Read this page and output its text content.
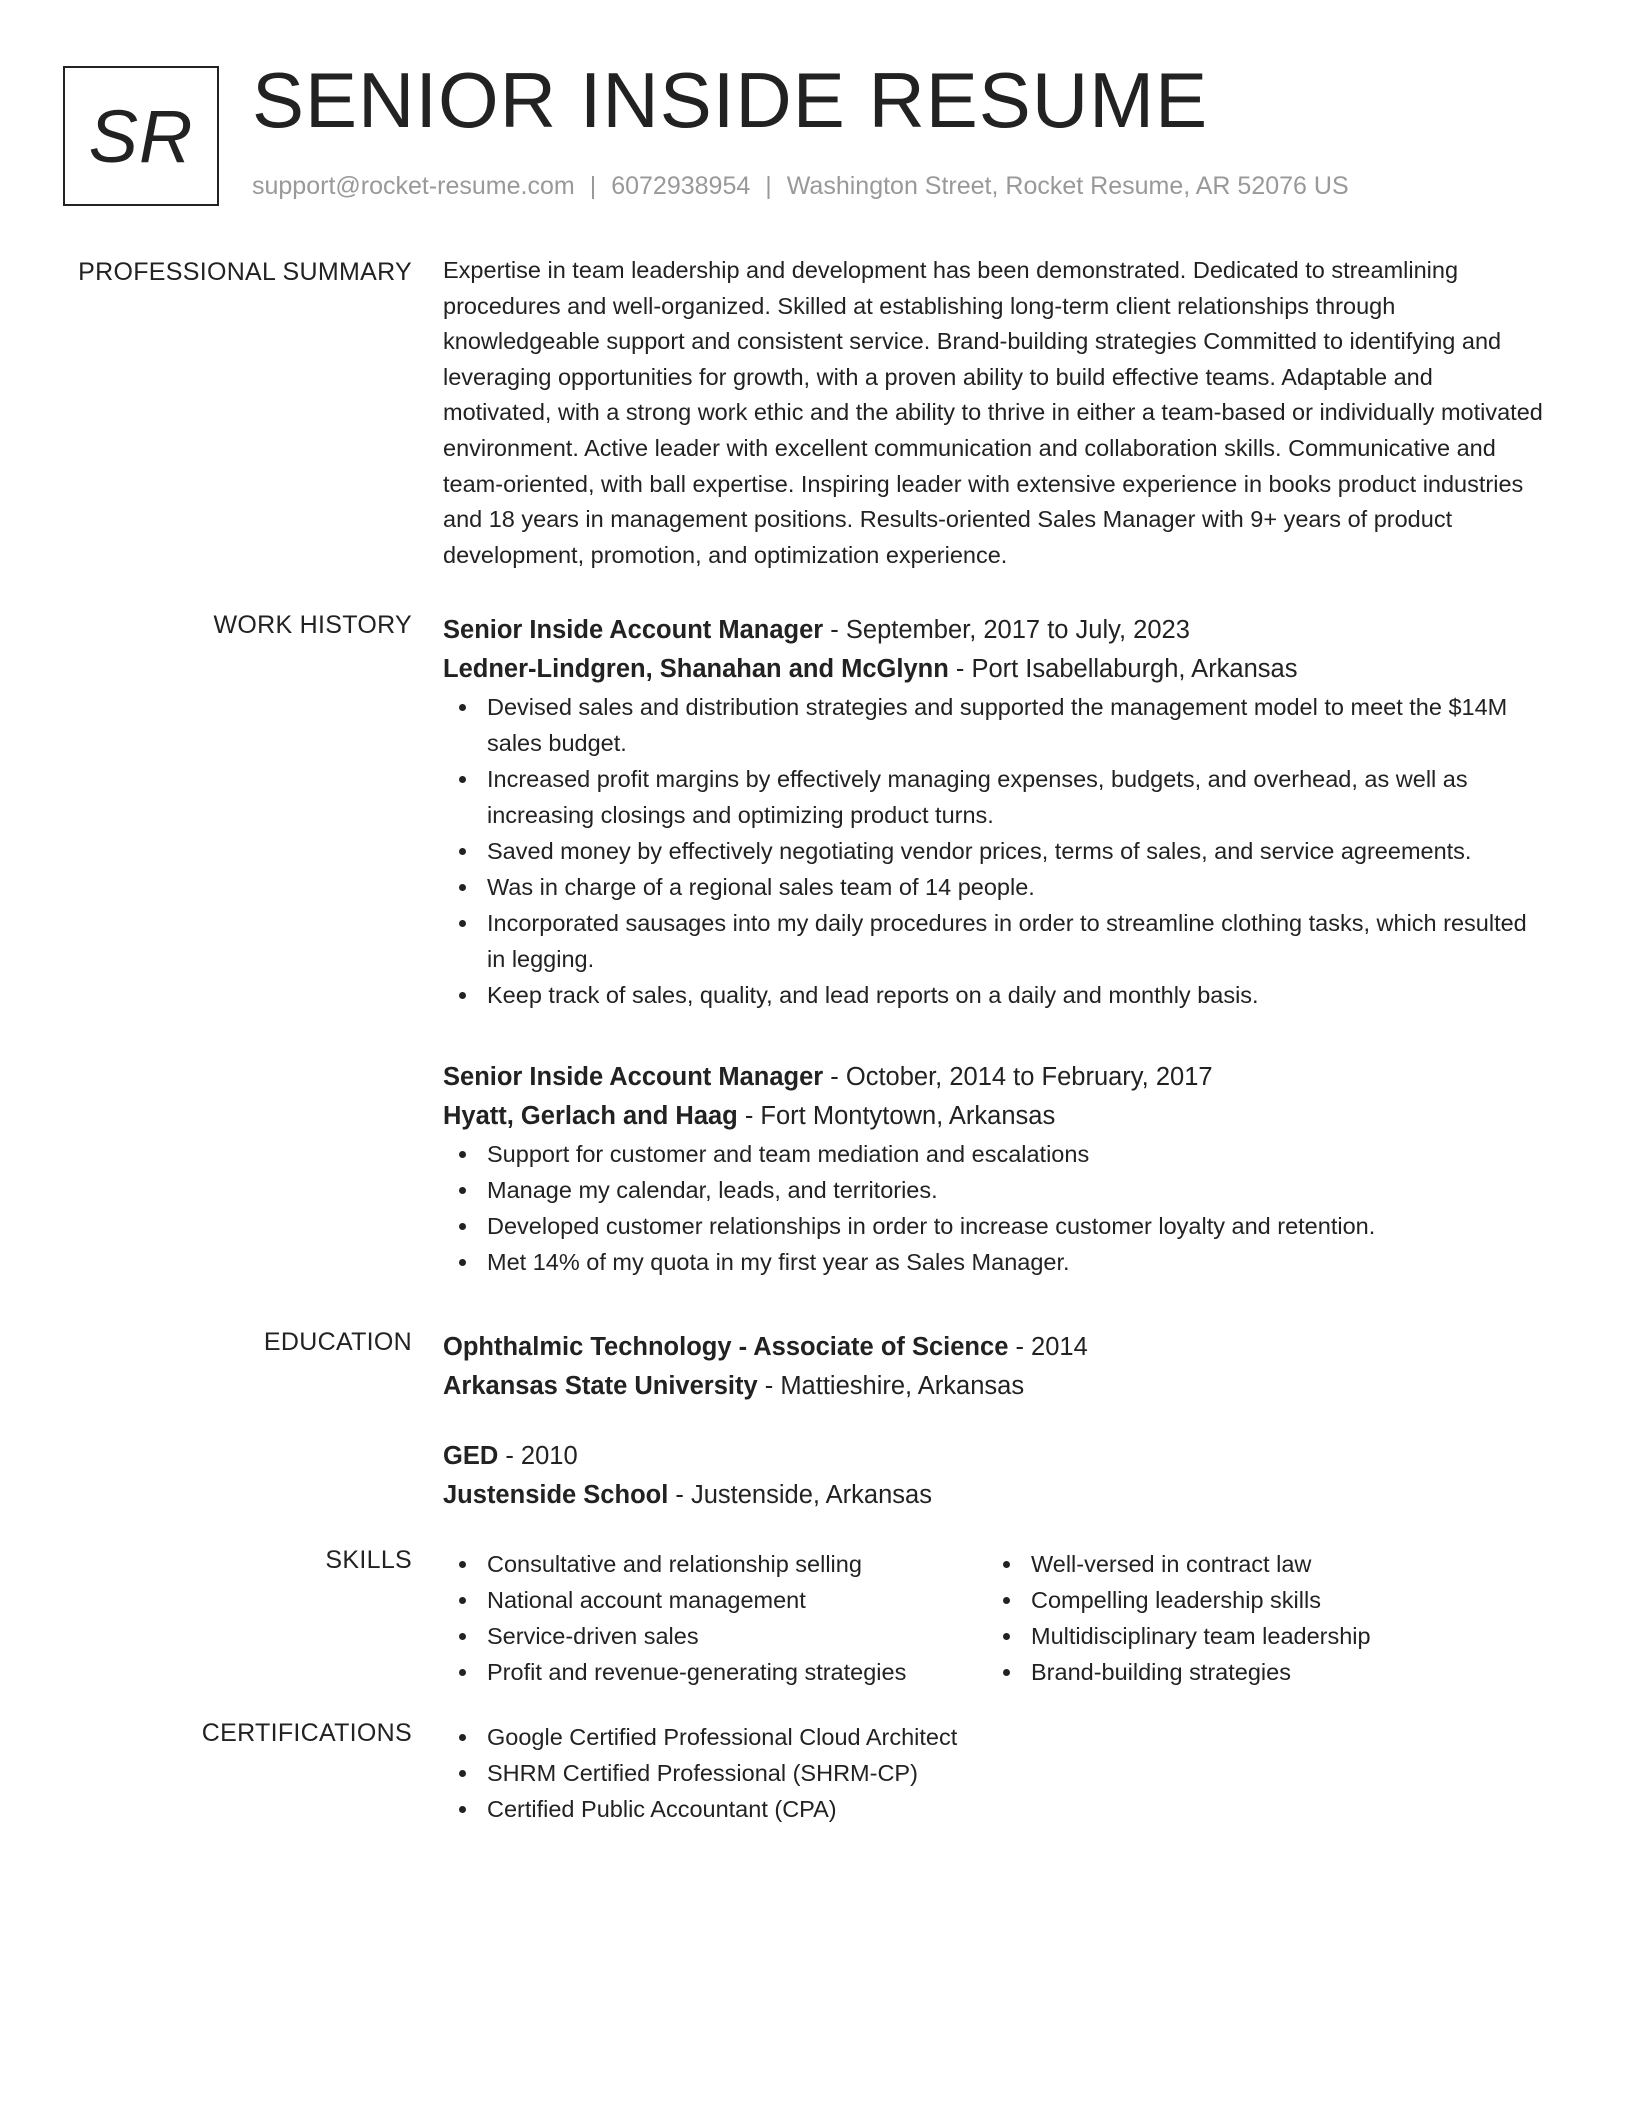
SR SENIOR INSIDE RESUME
support@rocket-resume.com | 6072938954 | Washington Street, Rocket Resume, AR 52076 US
PROFESSIONAL SUMMARY Expertise in team leadership and development has been demonstrated. Dedicated to streamlining procedures and well-organized. Skilled at establishing long-term client relationships through knowledgeable support and consistent service. Brand-building strategies Committed to identifying and leveraging opportunities for growth, with a proven ability to build effective teams. Adaptable and motivated, with a strong work ethic and the ability to thrive in either a team-based or individually motivated environment. Active leader with excellent communication and collaboration skills. Communicative and team-oriented, with ball expertise. Inspiring leader with extensive experience in books product industries and 18 years in management positions. Results-oriented Sales Manager with 9+ years of product development, promotion, and optimization experience.

WORK HISTORY Senior Inside Account Manager - September, 2017 to July, 2023
Ledner-Lindgren, Shanahan and McGlynn - Port Isabellaburgh, Arkansas
Devised sales and distribution strategies and supported the management model to meet the $14M sales budget.
Increased profit margins by effectively managing expenses, budgets, and overhead, as well as increasing closings and optimizing product turns.
Saved money by effectively negotiating vendor prices, terms of sales, and service agreements.
Was in charge of a regional sales team of 14 people.
Incorporated sausages into my daily procedures in order to streamline clothing tasks, which resulted in legging.
Keep track of sales, quality, and lead reports on a daily and monthly basis.
Senior Inside Account Manager - October, 2014 to February, 2017
Hyatt, Gerlach and Haag - Fort Montytown, Arkansas
Support for customer and team mediation and escalations
Manage my calendar, leads, and territories.
Developed customer relationships in order to increase customer loyalty and retention.
Met 14% of my quota in my first year as Sales Manager.
EDUCATION Ophthalmic Technology - Associate of Science - 2014
Arkansas State University - Mattieshire, Arkansas
GED - 2010
Justenside School - Justenside, Arkansas
SKILLS	Consultative and relationship selling
National account management
Service-driven sales
Profit and revenue-generating strategies
Well-versed in contract law
Compelling leadership skills
Multidisciplinary team leadership
Brand-building strategies
CERTIFICATIONS	Google Certified Professional Cloud Architect
SHRM Certified Professional (SHRM-CP)
Certified Public Accountant (CPA)
